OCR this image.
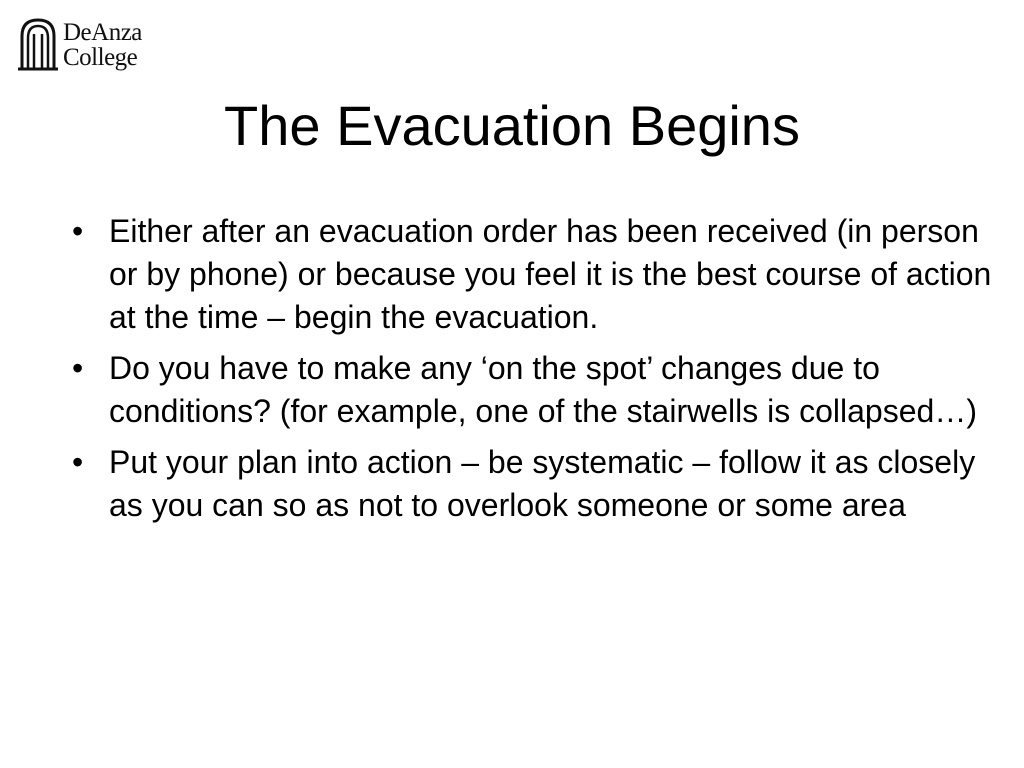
DeAnza
College
The Evacuation Begins
• Either after an evacuation order has been received (in person or by phone) or because you feel it is the best course of action at the time – begin the evacuation.
• Do you have to make any ‘on the spot’ changes due to conditions? (for example, one of the stairwells is collapsed…)
• Put your plan into action – be systematic – follow it as closely as you can so as not to overlook someone or some area
